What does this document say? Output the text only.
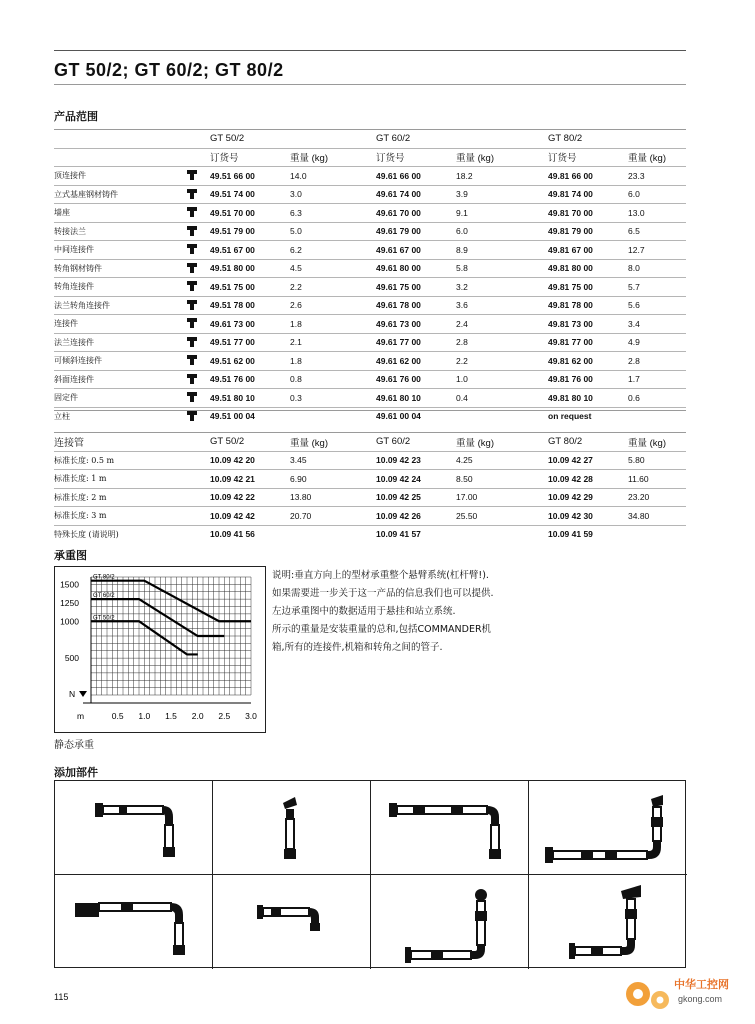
GT 50/2; GT 60/2; GT 80/2
产品范围
		GT 50/2		GT 60/2		GT 80/2	
		订货号	重量 (kg)	订货号	重量 (kg)	订货号	重量 (kg)
顶连接件		49.51 66 00	14.0	49.61 66 00	18.2	49.81 66 00	23.3
立式基座钢材铸件		49.51 74 00	3.0	49.61 74 00	3.9	49.81 74 00	6.0
墙座		49.51 70 00	6.3	49.61 70 00	9.1	49.81 70 00	13.0
转接法兰		49.51 79 00	5.0	49.61 79 00	6.0	49.81 79 00	6.5
中间连接件		49.51 67 00	6.2	49.61 67 00	8.9	49.81 67 00	12.7
转角钢材铸件		49.51 80 00	4.5	49.61 80 00	5.8	49.81 80 00	8.0
转角连接件		49.51 75 00	2.2	49.61 75 00	3.2	49.81 75 00	5.7
法兰转角连接件		49.51 78 00	2.6	49.61 78 00	3.6	49.81 78 00	5.6
连接件		49.61 73 00	1.8	49.61 73 00	2.4	49.81 73 00	3.4
法兰连接件		49.51 77 00	2.1	49.61 77 00	2.8	49.81 77 00	4.9
可倾斜连接件		49.51 62 00	1.8	49.61 62 00	2.2	49.81 62 00	2.8
斜面连接件		49.51 76 00	0.8	49.61 76 00	1.0	49.81 76 00	1.7
固定件		49.51 80 10	0.3	49.61 80 10	0.4	49.81 80 10	0.6
立柱		49.51 00 04		49.61 00 04		on request	
连接管	GT 50/2	重量 (kg)	GT 60/2	重量 (kg)	GT 80/2	重量 (kg)
标准长度: 0.5 m	10.09 42 20	3.45	10.09 42 23	4.25	10.09 42 27	5.80
标准长度: 1 m	10.09 42 21	6.90	10.09 42 24	8.50	10.09 42 28	11.60
标准长度: 2 m	10.09 42 22	13.80	10.09 42 25	17.00	10.09 42 29	23.20
标准长度: 3 m	10.09 42 42	20.70	10.09 42 26	25.50	10.09 42 30	34.80
特殊长度 (请说明)	10.09 41 56		10.09 41 57		10.09 41 59	
承重图
0.5 1.0 1.5 2.0 2.5 3.0
1500
1250
1000
500
m
N
GT 80/2
GT 60/2
GT 50/2
静态承重
说明:垂直方向上的型材承重整个悬臂系统(杠杆臂!).
如果需要进一步关于这一产品的信息我们也可以提供.
左边承重图中的数据适用于悬挂和站立系统.
所示的重量是安装重量的总和,包括COMMANDER机
箱,所有的连接件,机箱和转角之间的管子.
添加部件
115
中华工控网
gkong.com
